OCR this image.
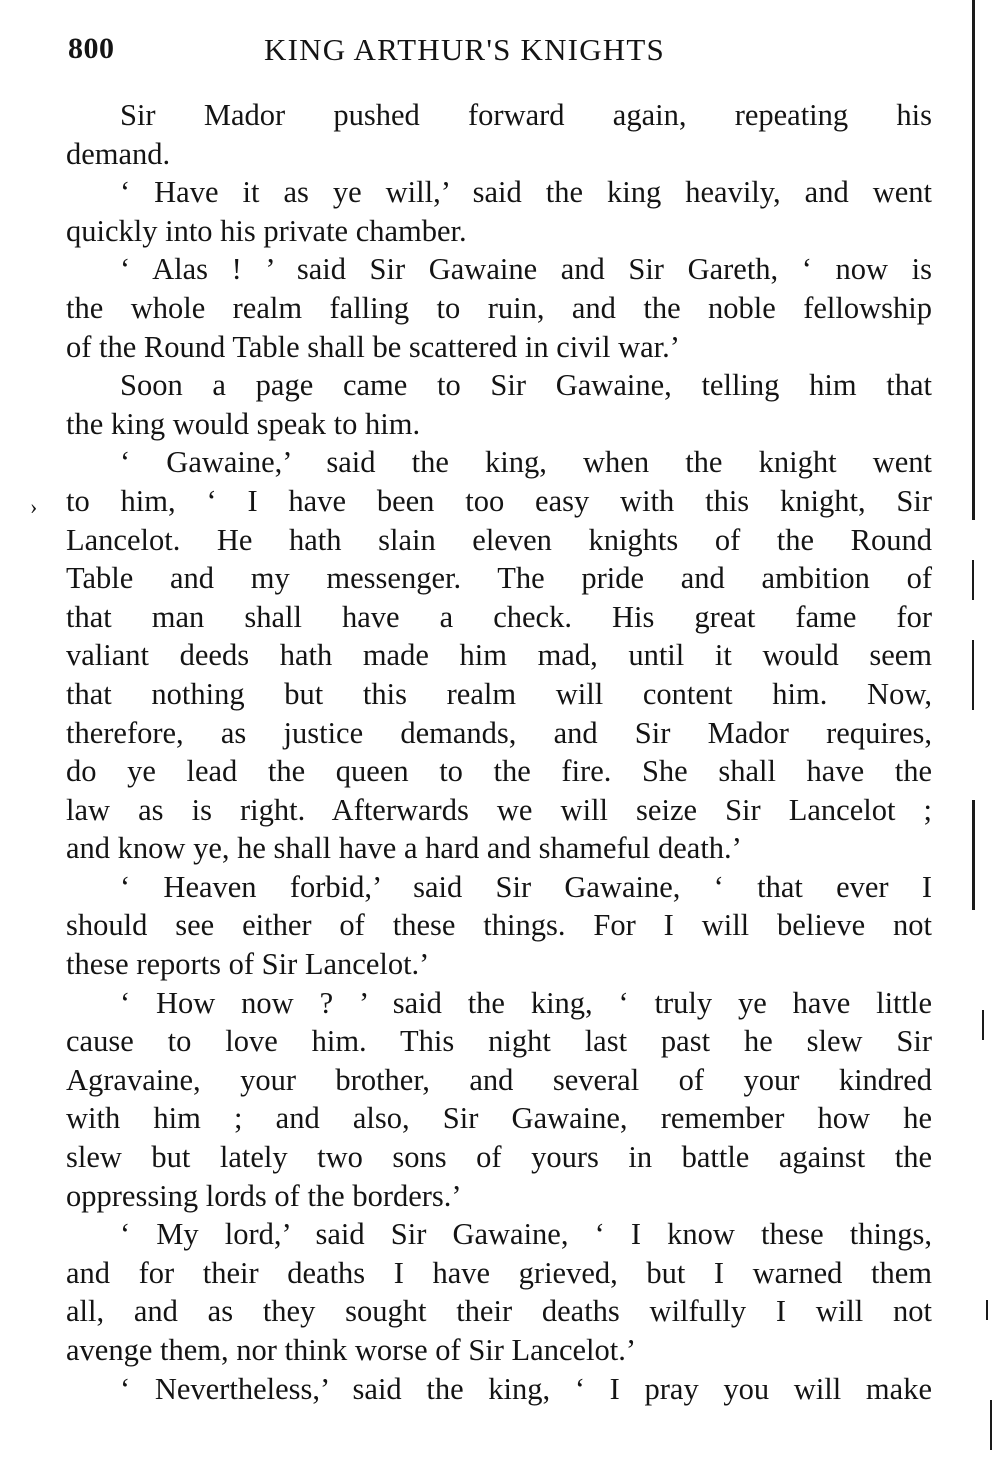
800	KING ARTHUR'S KNIGHTS
›
Sir Mador pushed forward again, repeating his
demand.
‘ Have it as ye will,’ said the king heavily, and went
quickly into his private chamber.
‘ Alas ! ’ said Sir Gawaine and Sir Gareth, ‘ now is
the whole realm falling to ruin, and the noble fellowship
of the Round Table shall be scattered in civil war.’
Soon a page came to Sir Gawaine, telling him that
the king would speak to him.
‘ Gawaine,’ said the king, when the knight went
to him, ‘ I have been too easy with this knight, Sir
Lancelot. He hath slain eleven knights of the Round
Table and my messenger. The pride and ambition of
that man shall have a check. His great fame for
valiant deeds hath made him mad, until it would seem
that nothing but this realm will content him. Now,
therefore, as justice demands, and Sir Mador requires,
do ye lead the queen to the fire. She shall have the
law as is right. Afterwards we will seize Sir Lancelot ;
and know ye, he shall have a hard and shameful death.’
‘ Heaven forbid,’ said Sir Gawaine, ‘ that ever I
should see either of these things. For I will believe not
these reports of Sir Lancelot.’
‘ How now ? ’ said the king, ‘ truly ye have little
cause to love him. This night last past he slew Sir
Agravaine, your brother, and several of your kindred
with him ; and also, Sir Gawaine, remember how he
slew but lately two sons of yours in battle against the
oppressing lords of the borders.’
‘ My lord,’ said Sir Gawaine, ‘ I know these things,
and for their deaths I have grieved, but I warned them
all, and as they sought their deaths wilfully I will not
avenge them, nor think worse of Sir Lancelot.’
‘ Nevertheless,’ said the king, ‘ I pray you will make
